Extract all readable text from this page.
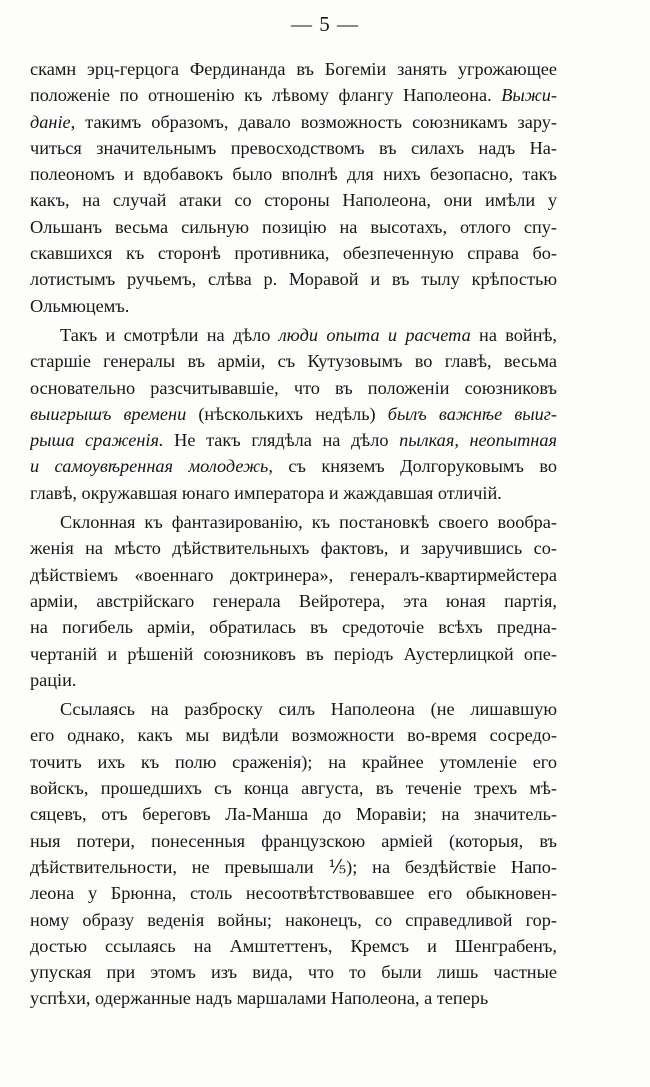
— 5 —
скамн эрц-герцога Фердинанда въ Богеміи занять угрожающее
положеніе по отношенію къ лѣвому флангу Наполеона. Выжи-
даніе, такимъ образомъ, давало возможность союзникамъ зару-
читься значительнымъ превосходствомъ въ силахъ надъ На-
полеономъ и вдобавокъ было вполнѣ для нихъ безопасно, такъ
какъ, на случай атаки со стороны Наполеона, они имѣли у
Ольшанъ весьма сильную позицію на высотахъ, отлого спу-
скавшихся къ сторонѣ противника, обезпеченную справа бо-
лотистымъ ручьемъ, слѣва р. Моравой и въ тылу крѣпостью
Ольмюцемъ.
Такъ и смотрѣли на дѣло люди опыта и расчета на войнѣ,
старшіе генералы въ арміи, съ Кутузовымъ во главѣ, весьма
основательно разсчитывавшіе, что въ положеніи союзниковъ
выигрышъ времени (нѣсколькихъ недѣль) былъ важнѣе выиг-
рыша сраженія. Не такъ глядѣла на дѣло пылкая, неопытная
и самоувѣренная молодежь, съ княземъ Долгоруковымъ во
главѣ, окружавшая юнаго императора и жаждавшая отличій.
Склонная къ фантазированію, къ постановкѣ своего вообра-
женія на мѣсто дѣйствительныхъ фактовъ, и заручившись со-
дѣйствіемъ «военнаго доктринера», генералъ-квартирмейстера
арміи, австрійскаго генерала Вейротера, эта юная партія,
на погибель арміи, обратилась въ средоточіе всѣхъ предна-
чертаній и рѣшеній союзниковъ въ періодъ Аустерлицкой опе-
раціи.
Ссылаясь на разброску силъ Наполеона (не лишавшую
его однако, какъ мы видѣли возможности во-время сосредо-
точить ихъ къ полю сраженія); на крайнее утомленіе его
войскъ, прошедшихъ съ конца августа, въ теченіе трехъ мѣ-
сяцевъ, отъ береговъ Ла-Манша до Моравіи; на значитель-
ныя потери, понесенныя французскою арміей (которыя, въ
дѣйствительности, не превышали ⅕); на бездѣйствіе Напо-
леона у Брюнна, столь несоотвѣтствовавшее его обыкновен-
ному образу веденія войны; наконецъ, со справедливой гор-
достью ссылаясь на Амштеттенъ, Кремсъ и Шенграбенъ,
упуская при этомъ изъ вида, что то были лишь частные
успѣхи, одержанные надъ маршалами Наполеона, а теперь
